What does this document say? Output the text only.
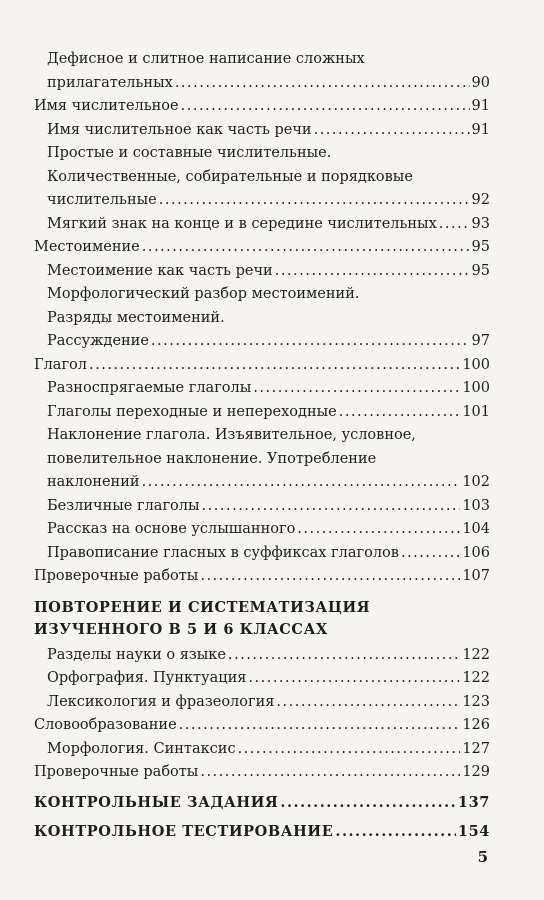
Дефисное и слитное написание сложных
прилагательных .....	90
Имя числительное .....	91
Имя числительное как часть речи .....	91
Простые и составные числительные.
Количественные, собирательные и порядковые
числительные .....	92
Мягкий знак на конце и в середине числительных ..... 93
Местоимение .....	95
Местоимение как часть речи .....	95
Морфологический разбор местоимений.
Разряды местоимений.
Рассуждение .....	97
Глагол .....	100
Разноспрягаемые глаголы .....	100
Глаголы переходные и непереходные .....	101
Наклонение глагола. Изъявительное, условное,
повелительное наклонение. Употребление
наклонений .....	102
Безличные глаголы .....	103
Рассказ на основе услышанного .....	104
Правописание гласных в суффиксах глаголов .....	106
Проверочные работы .....	107
ПОВТОРЕНИЕ И СИСТЕМАТИЗАЦИЯ
ИЗУЧЕННОГО В 5 И 6 КЛАССАХ
Разделы науки о языке .....	122
Орфография. Пунктуация .....	122
Лексикология и фразеология .....	123
Словообразование .....	126
Морфология. Синтаксис .....	127
Проверочные работы .....	129
КОНТРОЛЬНЫЕ ЗАДАНИЯ .....	137
КОНТРОЛЬНОЕ ТЕСТИРОВАНИЕ .....	154
5
